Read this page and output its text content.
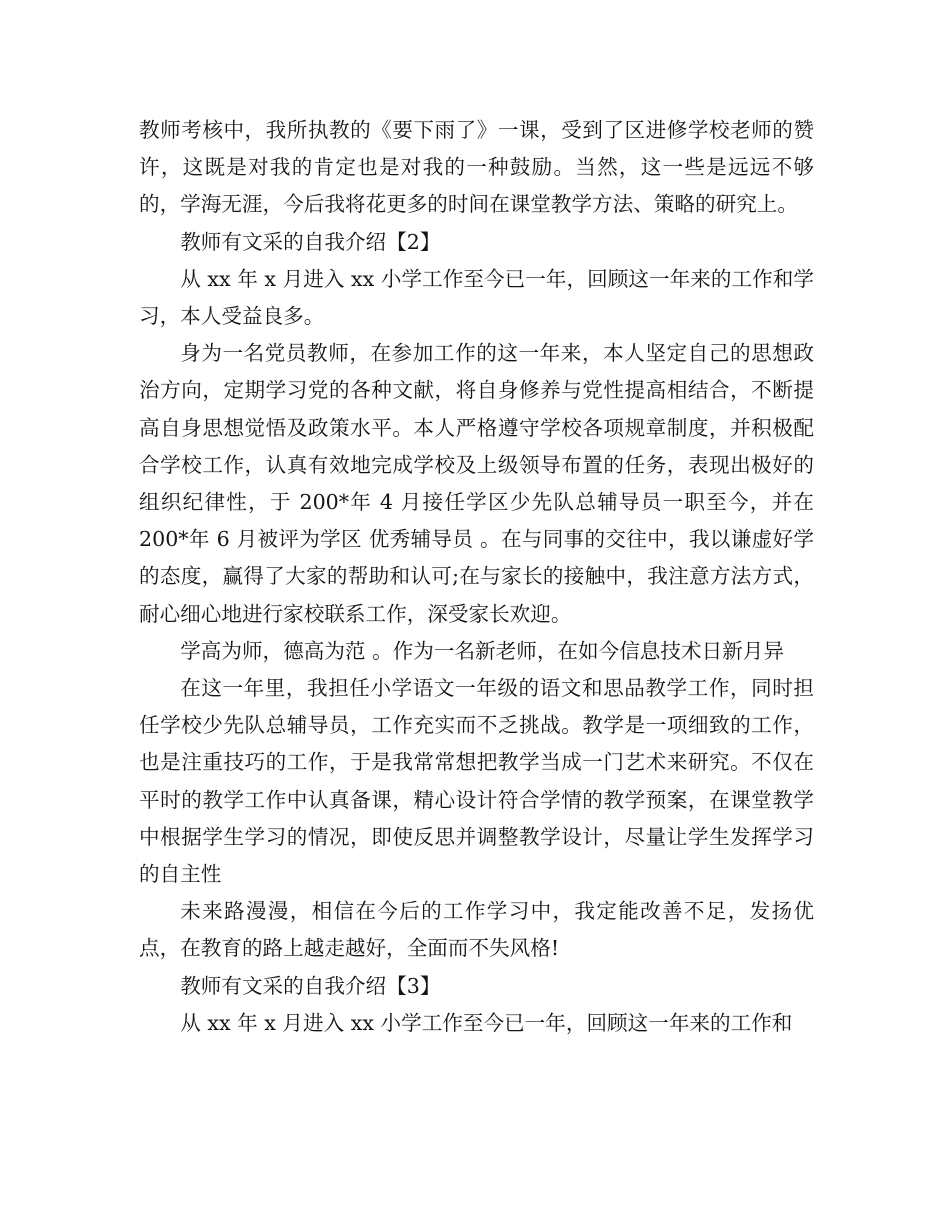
教师考核中，我所执教的《要下雨了》一课，受到了区进修学校老师的赞许，这既是对我的肯定也是对我的一种鼓励。当然，这一些是远远不够的，学海无涯，今后我将花更多的时间在课堂教学方法、策略的研究上。

教师有文采的自我介绍【2】

从 xx 年 x 月进入 xx 小学工作至今已一年，回顾这一年来的工作和学习，本人受益良多。

身为一名党员教师，在参加工作的这一年来，本人坚定自己的思想政治方向，定期学习党的各种文献，将自身修养与党性提高相结合，不断提高自身思想觉悟及政策水平。本人严格遵守学校各项规章制度，并积极配合学校工作，认真有效地完成学校及上级领导布置的任务，表现出极好的组织纪律性，于 200*年 4 月接任学区少先队总辅导员一职至今，并在 200*年 6 月被评为学区 优秀辅导员 。在与同事的交往中，我以谦虚好学的态度，赢得了大家的帮助和认可;在与家长的接触中，我注意方法方式，耐心细心地进行家校联系工作，深受家长欢迎。

学高为师，德高为范 。作为一名新老师，在如今信息技术日新月异

在这一年里，我担任小学语文一年级的语文和思品教学工作，同时担任学校少先队总辅导员，工作充实而不乏挑战。教学是一项细致的工作，也是注重技巧的工作，于是我常常想把教学当成一门艺术来研究。不仅在平时的教学工作中认真备课，精心设计符合学情的教学预案，在课堂教学中根据学生学习的情况，即使反思并调整教学设计，尽量让学生发挥学习的自主性

未来路漫漫，相信在今后的工作学习中，我定能改善不足，发扬优点，在教育的路上越走越好，全面而不失风格!

教师有文采的自我介绍【3】

从 xx 年 x 月进入 xx 小学工作至今已一年，回顾这一年来的工作和
